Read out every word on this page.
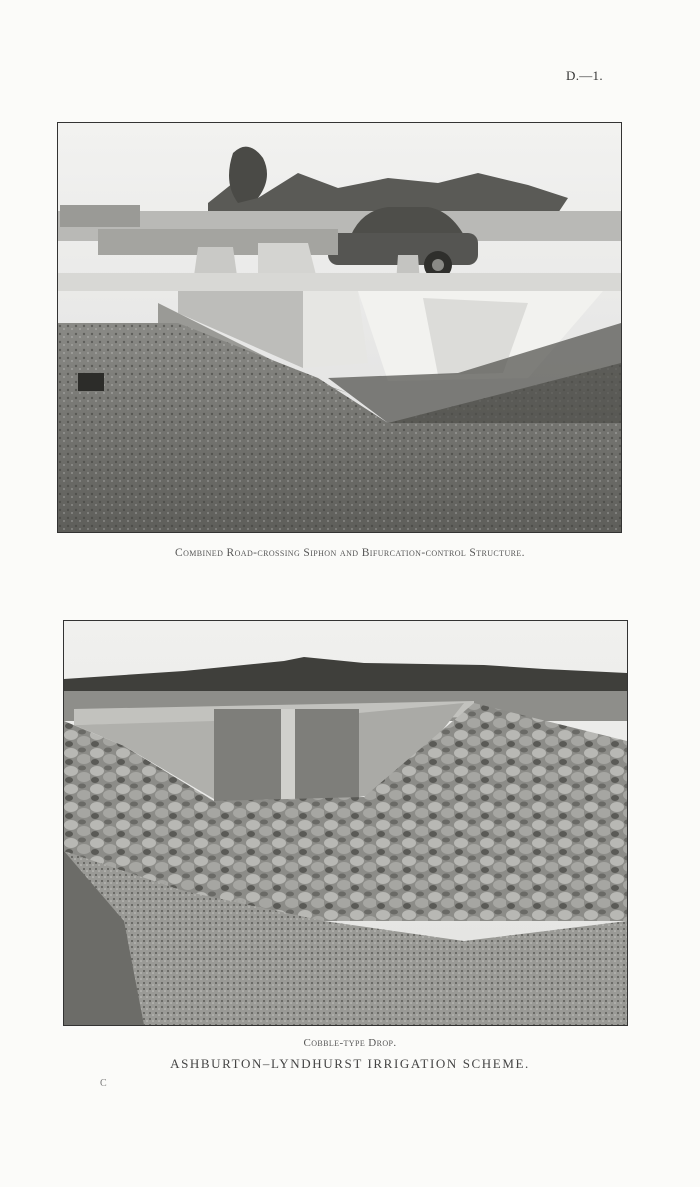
D.—1.
Combined Road-crossing Siphon and Bifurcation-control Structure.
Cobble-type Drop.
ASHBURTON–LYNDHURST IRRIGATION SCHEME.
C
